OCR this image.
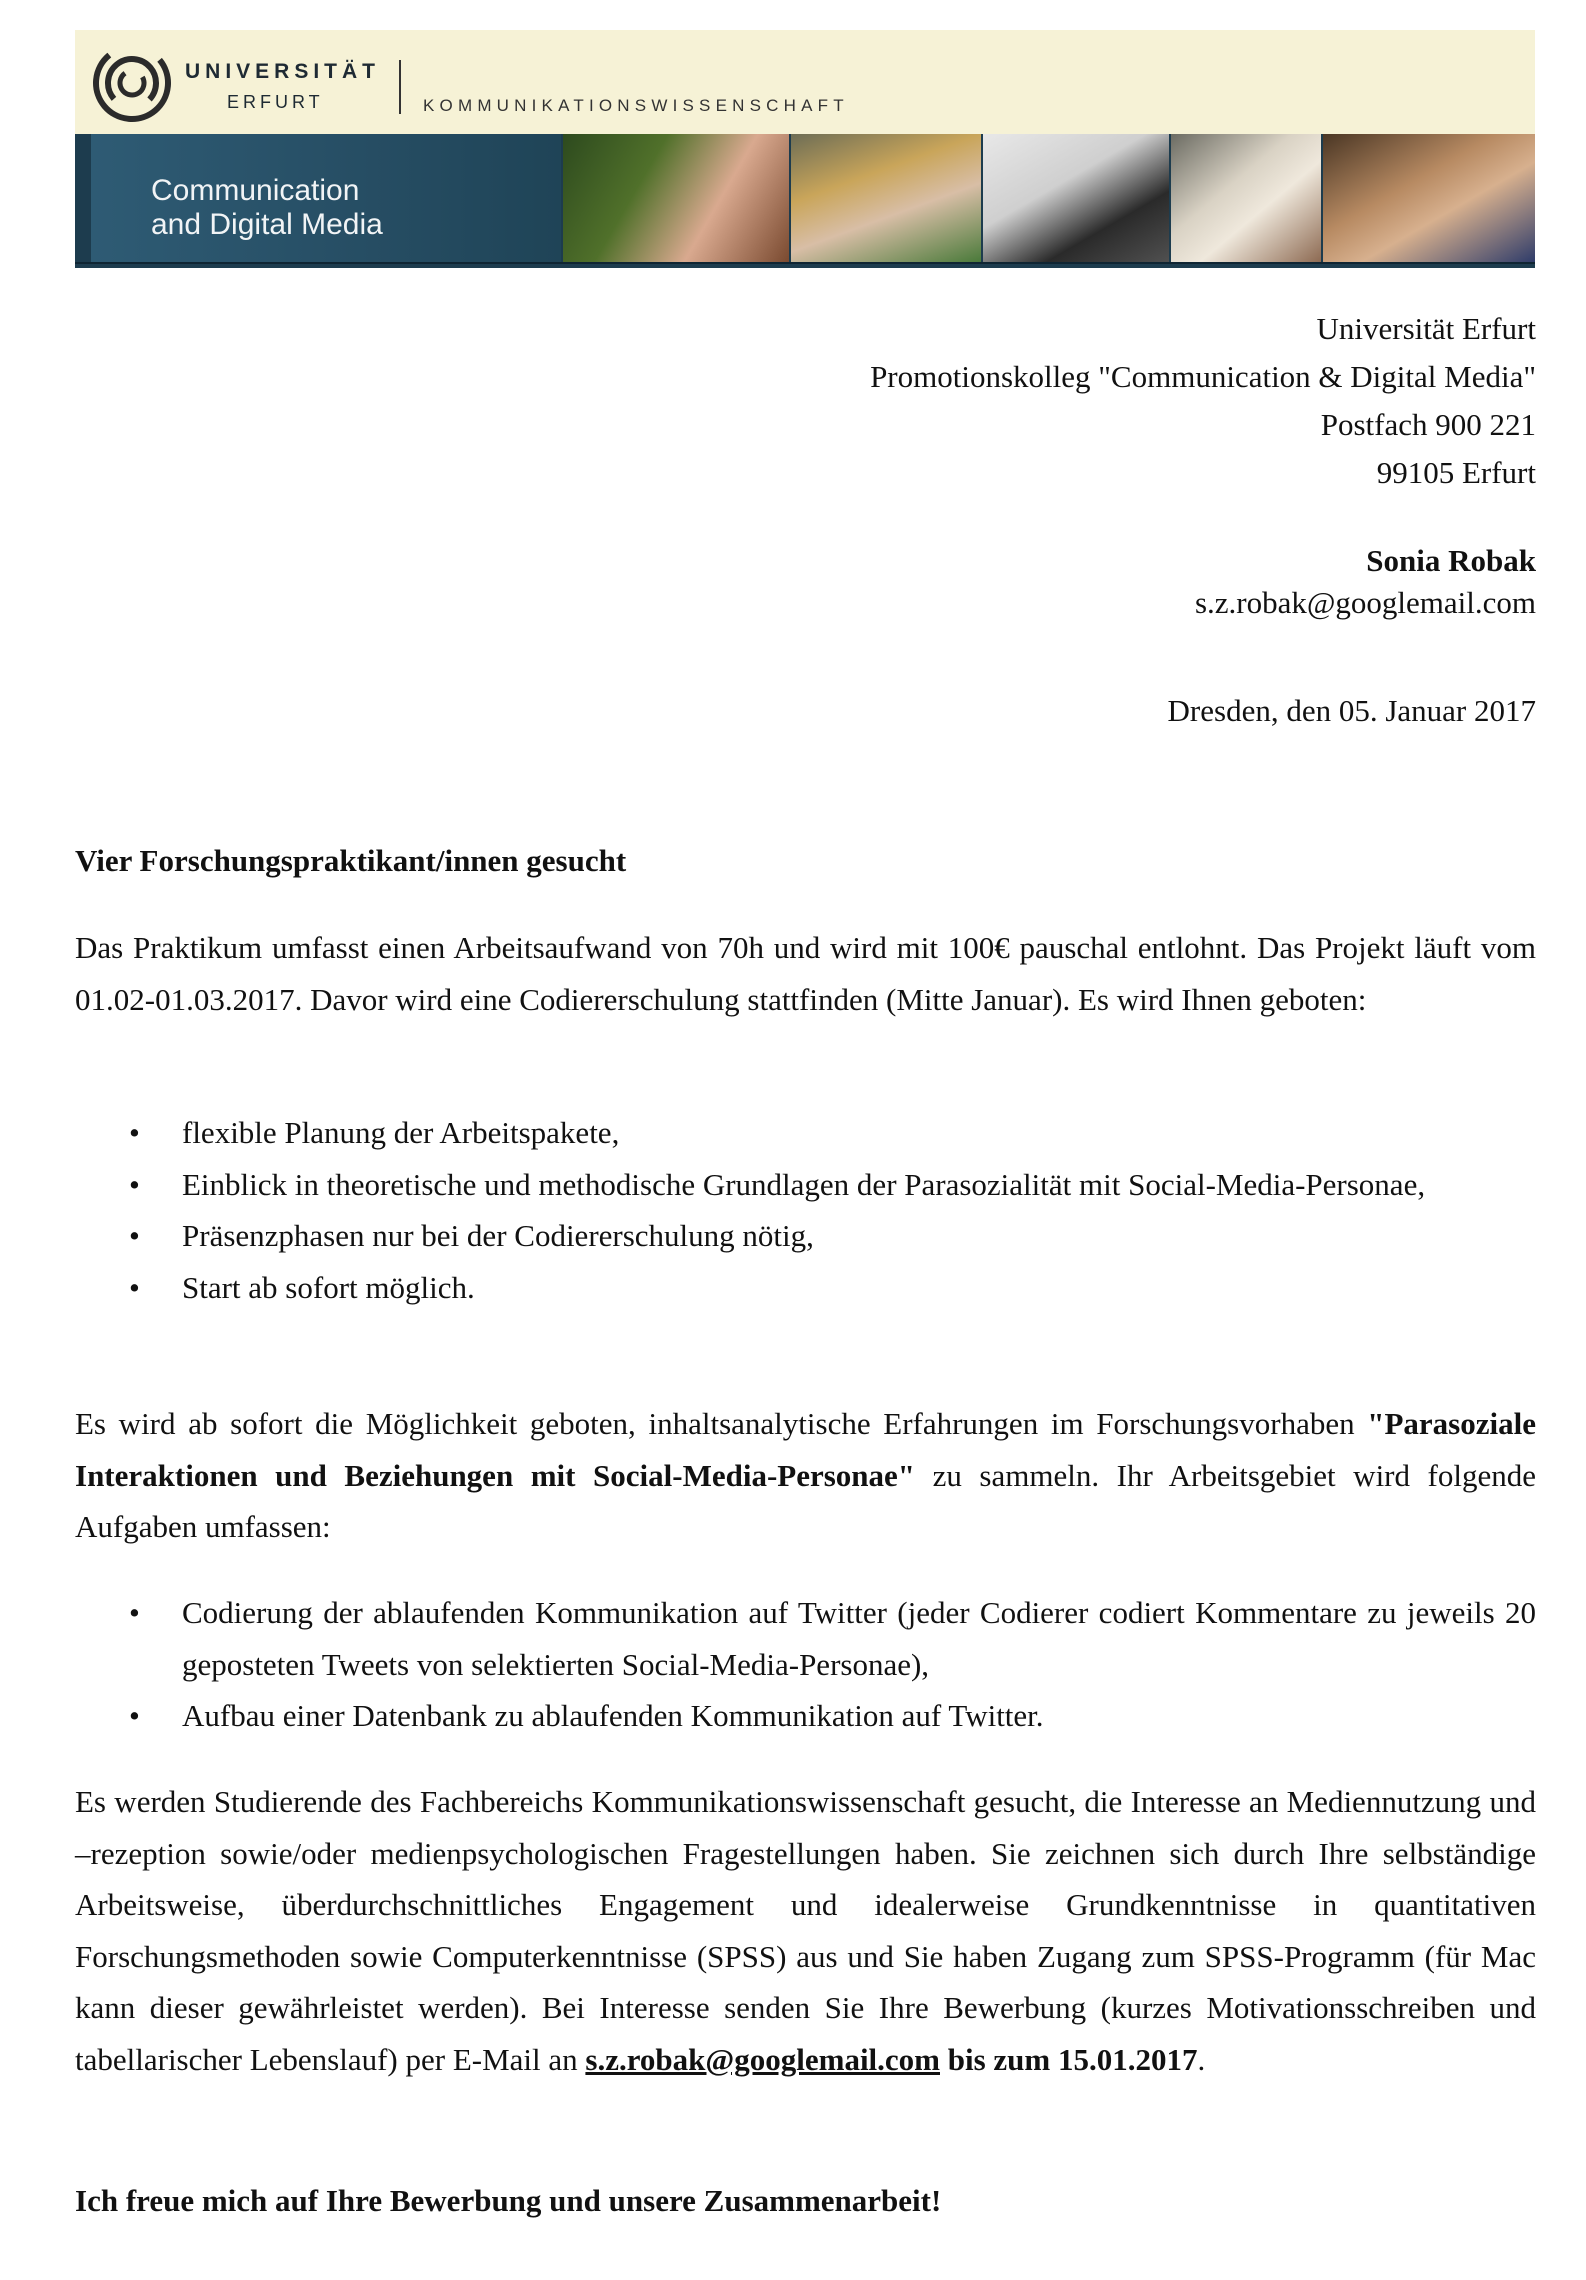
UNIVERSITÄT
ERFURT	KOMMUNIKATIONSWISSENSCHAFT
Communication
and Digital Media
Universität Erfurt
Promotionskolleg "Communication & Digital Media"
Postfach 900 221
99105 Erfurt
Sonia Robak
s.z.robak@googlemail.com
Dresden, den 05. Januar 2017
Vier Forschungspraktikant/innen gesucht

Das Praktikum umfasst einen Arbeitsaufwand von 70h und wird mit 100€ pauschal entlohnt. Das Projekt läuft vom 01.02-01.03.2017. Davor wird eine Codiererschulung stattfinden (Mitte Januar). Es wird Ihnen geboten:

• flexible Planung der Arbeitspakete,
• Einblick in theoretische und methodische Grundlagen der Parasozialität mit Social-Media-Personae,
• Präsenzphasen nur bei der Codiererschulung nötig,
• Start ab sofort möglich.

Es wird ab sofort die Möglichkeit geboten, inhaltsanalytische Erfahrungen im Forschungsvorhaben "Parasoziale Interaktionen und Beziehungen mit Social-Media-Personae" zu sammeln. Ihr Arbeitsgebiet wird folgende Aufgaben umfassen:

• Codierung der ablaufenden Kommunikation auf Twitter (jeder Codierer codiert Kommentare zu jeweils 20 geposteten Tweets von selektierten Social-Media-Personae),
• Aufbau einer Datenbank zu ablaufenden Kommunikation auf Twitter.

Es werden Studierende des Fachbereichs Kommunikationswissenschaft gesucht, die Interesse an Mediennutzung und –rezeption sowie/oder medienpsychologischen Fragestellungen haben. Sie zeichnen sich durch Ihre selbständige Arbeitsweise, überdurchschnittliches Engagement und idealerweise Grundkenntnisse in quantitativen Forschungsmethoden sowie Computerkenntnisse (SPSS) aus und Sie haben Zugang zum SPSS-Programm (für Mac kann dieser gewährleistet werden). Bei Interesse senden Sie Ihre Bewerbung (kurzes Motivationsschreiben und tabellarischer Lebenslauf) per E-Mail an s.z.robak@googlemail.com bis zum 15.01.2017.

Ich freue mich auf Ihre Bewerbung und unsere Zusammenarbeit!
